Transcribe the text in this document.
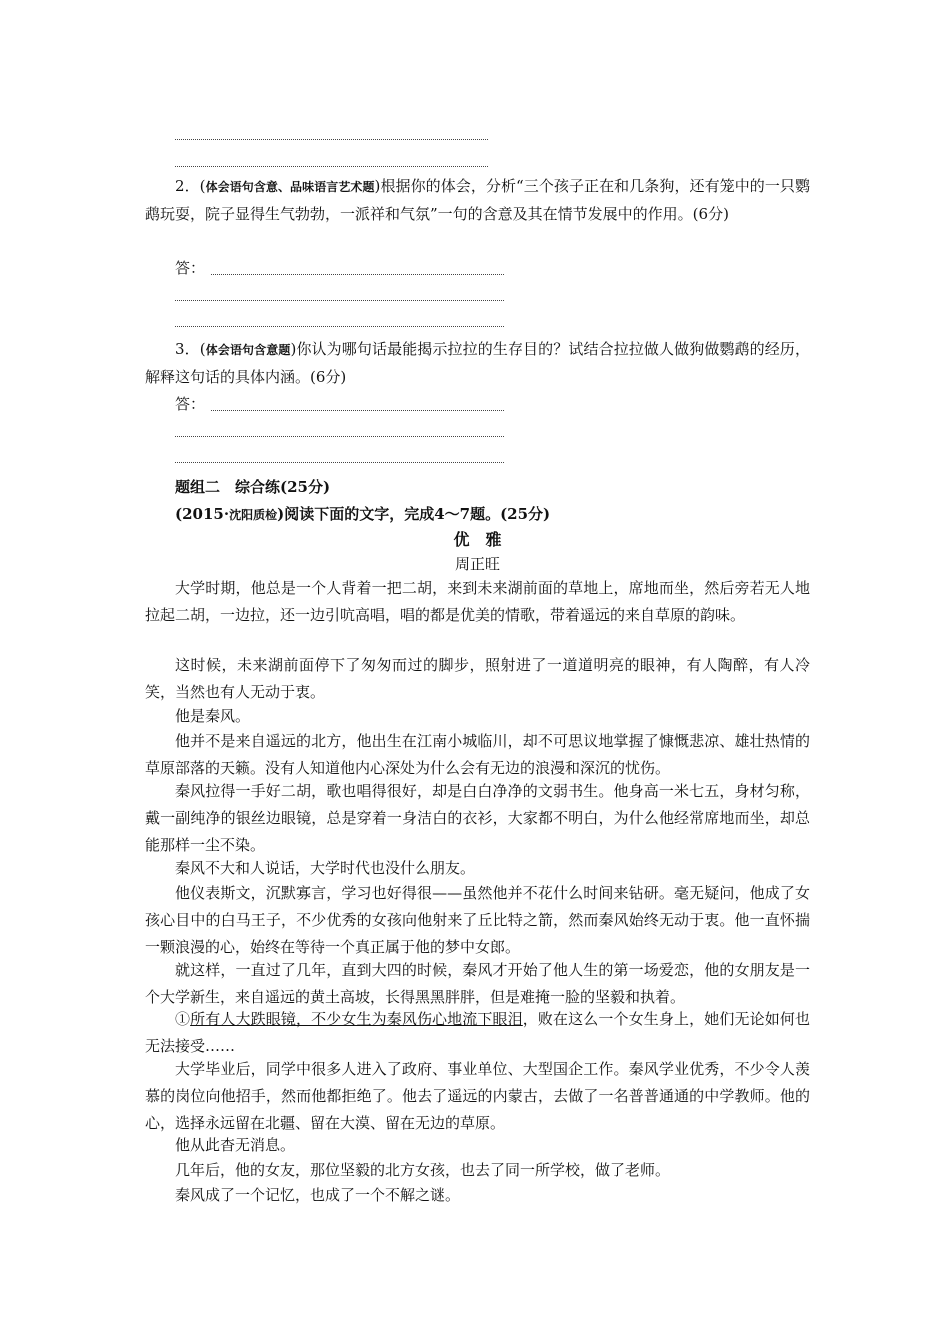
2．(体会语句含意、品味语言艺术题)根据你的体会，分析“三个孩子正在和几条狗，还有笼中的一只鹦鹉玩耍，院子显得生气勃勃，一派祥和气氛”一句的含意及其在情节发展中的作用。(6分)

答：

3．(体会语句含意题)你认为哪句话最能揭示拉拉的生存目的？试结合拉拉做人做狗做鹦鹉的经历，解释这句话的具体内涵。(6分)

答：
题组二　综合练(25分)
(2015·沈阳质检)阅读下面的文字，完成4～7题。(25分)
优　雅
周正旺

大学时期，他总是一个人背着一把二胡，来到未来湖前面的草地上，席地而坐，然后旁若无人地拉起二胡，一边拉，还一边引吭高唱，唱的都是优美的情歌，带着遥远的来自草原的韵味。

这时候，未来湖前面停下了匆匆而过的脚步，照射进了一道道明亮的眼神，有人陶醉，有人冷笑，当然也有人无动于衷。

他是秦风。

他并不是来自遥远的北方，他出生在江南小城临川，却不可思议地掌握了慷慨悲凉、雄壮热情的草原部落的天籁。没有人知道他内心深处为什么会有无边的浪漫和深沉的忧伤。

秦风拉得一手好二胡，歌也唱得很好，却是白白净净的文弱书生。他身高一米七五，身材匀称，戴一副纯净的银丝边眼镜，总是穿着一身洁白的衣衫，大家都不明白，为什么他经常席地而坐，却总能那样一尘不染。

秦风不大和人说话，大学时代也没什么朋友。

他仪表斯文，沉默寡言，学习也好得很——虽然他并不花什么时间来钻研。毫无疑问，他成了女孩心目中的白马王子，不少优秀的女孩向他射来了丘比特之箭，然而秦风始终无动于衷。他一直怀揣一颗浪漫的心，始终在等待一个真正属于他的梦中女郎。

就这样，一直过了几年，直到大四的时候，秦风才开始了他人生的第一场爱恋，他的女朋友是一个大学新生，来自遥远的黄土高坡，长得黑黑胖胖，但是难掩一脸的坚毅和执着。

①所有人大跌眼镜，不少女生为秦风伤心地流下眼泪，败在这么一个女生身上，她们无论如何也无法接受……

大学毕业后，同学中很多人进入了政府、事业单位、大型国企工作。秦风学业优秀，不少令人羡慕的岗位向他招手，然而他都拒绝了。他去了遥远的内蒙古，去做了一名普普通通的中学教师。他的心，选择永远留在北疆、留在大漠、留在无边的草原。

他从此杳无消息。

几年后，他的女友，那位坚毅的北方女孩，也去了同一所学校，做了老师。

秦风成了一个记忆，也成了一个不解之谜。
